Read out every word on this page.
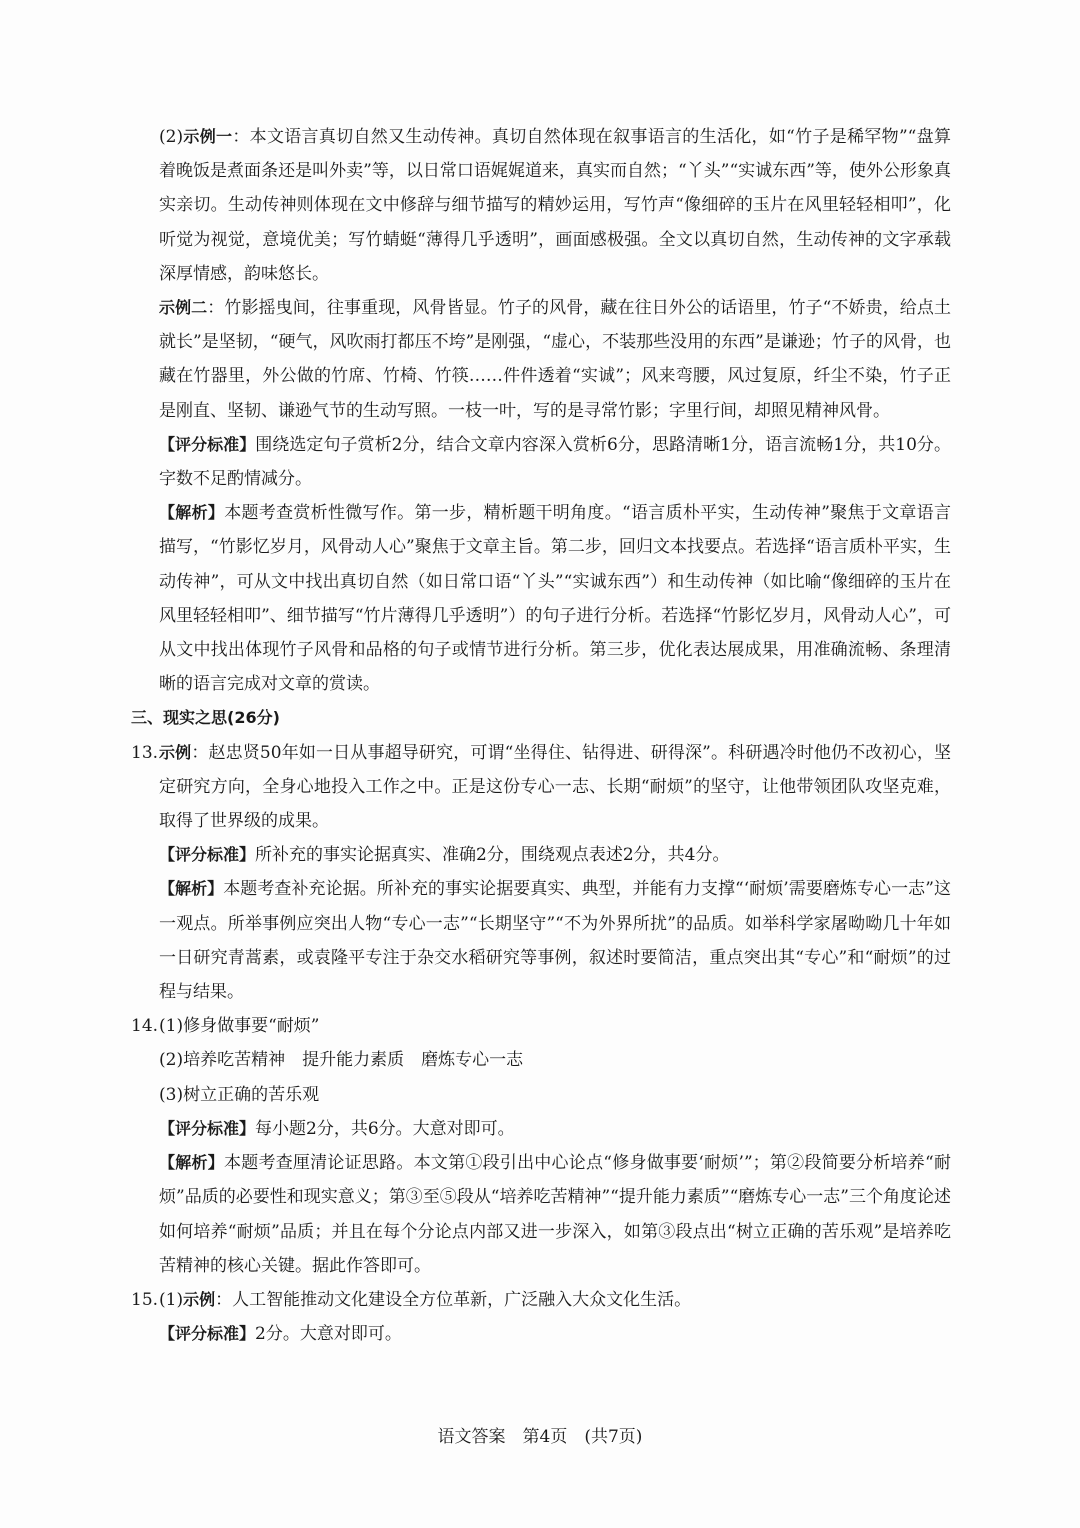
(2)示例一：本文语言真切自然又生动传神。真切自然体现在叙事语言的生活化，如“竹子是稀罕物”“盘算着晚饭是煮面条还是叫外卖”等，以日常口语娓娓道来，真实而自然；“丫头”“实诚东西”等，使外公形象真实亲切。生动传神则体现在文中修辞与细节描写的精妙运用，写竹声“像细碎的玉片在风里轻轻相叩”，化听觉为视觉，意境优美；写竹蜻蜓“薄得几乎透明”，画面感极强。全文以真切自然，生动传神的文字承载深厚情感，韵味悠长。

示例二：竹影摇曳间，往事重现，风骨皆显。竹子的风骨，藏在往日外公的话语里，竹子“不娇贵，给点土就长”是坚韧，“硬气，风吹雨打都压不垮”是刚强，“虚心，不装那些没用的东西”是谦逊；竹子的风骨，也藏在竹器里，外公做的竹席、竹椅、竹筷……件件透着“实诚”；风来弯腰，风过复原，纤尘不染，竹子正是刚直、坚韧、谦逊气节的生动写照。一枝一叶，写的是寻常竹影；字里行间，却照见精神风骨。

【评分标准】围绕选定句子赏析2分，结合文章内容深入赏析6分，思路清晰1分，语言流畅1分，共10分。字数不足酌情减分。

【解析】本题考查赏析性微写作。第一步，精析题干明角度。“语言质朴平实，生动传神”聚焦于文章语言描写，“竹影忆岁月，风骨动人心”聚焦于文章主旨。第二步，回归文本找要点。若选择“语言质朴平实，生动传神”，可从文中找出真切自然（如日常口语“丫头”“实诚东西”）和生动传神（如比喻“像细碎的玉片在风里轻轻相叩”、细节描写“竹片薄得几乎透明”）的句子进行分析。若选择“竹影忆岁月，风骨动人心”，可从文中找出体现竹子风骨和品格的句子或情节进行分析。第三步，优化表达展成果，用准确流畅、条理清晰的语言完成对文章的赏读。

三、现实之思(26分)

13. 示例：赵忠贤50年如一日从事超导研究，可谓“坐得住、钻得进、研得深”。科研遇冷时他仍不改初心，坚定研究方向，全身心地投入工作之中。正是这份专心一志、长期“耐烦”的坚守，让他带领团队攻坚克难，取得了世界级的成果。

【评分标准】所补充的事实论据真实、准确2分，围绕观点表述2分，共4分。

【解析】本题考查补充论据。所补充的事实论据要真实、典型，并能有力支撑“‘耐烦’需要磨炼专心一志”这一观点。所举事例应突出人物“专心一志”“长期坚守”“不为外界所扰”的品质。如举科学家屠呦呦几十年如一日研究青蒿素，或袁隆平专注于杂交水稻研究等事例，叙述时要简洁，重点突出其“专心”和“耐烦”的过程与结果。

14. (1)修身做事要“耐烦”

(2)培养吃苦精神　提升能力素质　磨炼专心一志

(3)树立正确的苦乐观

【评分标准】每小题2分，共6分。大意对即可。

【解析】本题考查厘清论证思路。本文第①段引出中心论点“修身做事要‘耐烦’”；第②段简要分析培养“耐烦”品质的必要性和现实意义；第③至⑤段从“培养吃苦精神”“提升能力素质”“磨炼专心一志”三个角度论述如何培养“耐烦”品质；并且在每个分论点内部又进一步深入，如第③段点出“树立正确的苦乐观”是培养吃苦精神的核心关键。据此作答即可。

15. (1)示例：人工智能推动文化建设全方位革新，广泛融入大众文化生活。

【评分标准】2分。大意对即可。

语文答案　第4页　(共7页)
